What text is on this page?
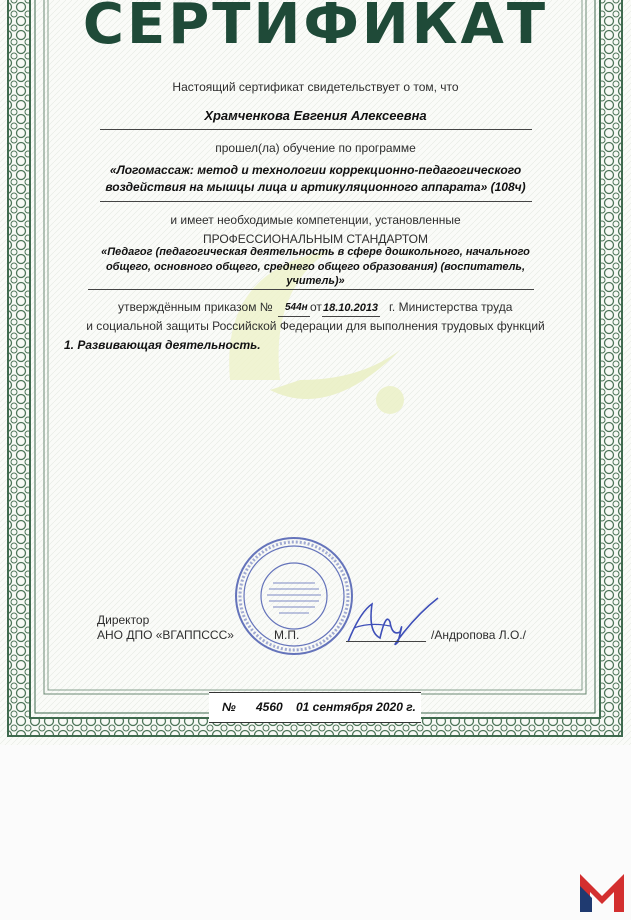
СЕРТИФИКАТ
Настоящий сертификат свидетельствует о том, что
Храмченкова Евгения Алексеевна
прошел(ла) обучение по программе
«Логомассаж: метод и технологии коррекционно-педагогического
воздействия на мышцы лица и артикуляционного аппарата» (108ч)
и имеет необходимые компетенции, установленные
ПРОФЕССИОНАЛЬНЫМ СТАНДАРТОМ
«Педагог (педагогическая деятельность в сфере дошкольного, начального
общего, основного общего, среднего общего образования) (воспитатель,
учитель)»
утверждённым приказом № 544н от 18.10.2013 г. Министерства труда
и социальной защиты Российской Федерации для выполнения трудовых функций
1. Развивающая деятельность.
Директор
АНО ДПО «ВГАППССС»	М.П.	/Андропова Л.О./
№ 4560 01 сентября 2020 г.
